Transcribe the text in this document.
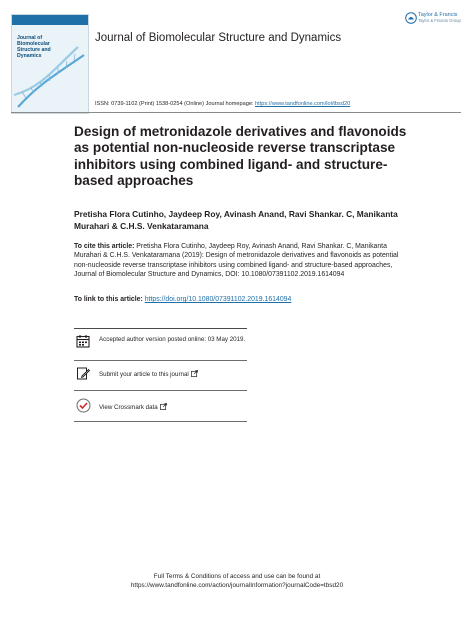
Journal of
Biomolecular
Structure and
Dynamics
Journal of Biomolecular Structure and Dynamics
Taylor & Francis
Taylor & Francis Group
ISSN: 0739-1102 (Print) 1538-0254 (Online) Journal homepage: https://www.tandfonline.com/loi/tbsd20
Design of metronidazole derivatives and flavonoids as potential non-nucleoside reverse transcriptase inhibitors using combined ligand- and structure-based approaches
Pretisha Flora Cutinho, Jaydeep Roy, Avinash Anand, Ravi Shankar. C, Manikanta Murahari & C.H.S. Venkataramana
To cite this article: Pretisha Flora Cutinho, Jaydeep Roy, Avinash Anand, Ravi Shankar. C, Manikanta Murahari & C.H.S. Venkataramana (2019): Design of metronidazole derivatives and flavonoids as potential non-nucleoside reverse transcriptase inhibitors using combined ligand- and structure-based approaches, Journal of Biomolecular Structure and Dynamics, DOI: 10.1080/07391102.2019.1614094
To link to this article: https://doi.org/10.1080/07391102.2019.1614094
Accepted author version posted online: 03 May 2019.
Submit your article to this journal
View Crossmark data
Full Terms & Conditions of access and use can be found at
https://www.tandfonline.com/action/journalInformation?journalCode=tbsd20
